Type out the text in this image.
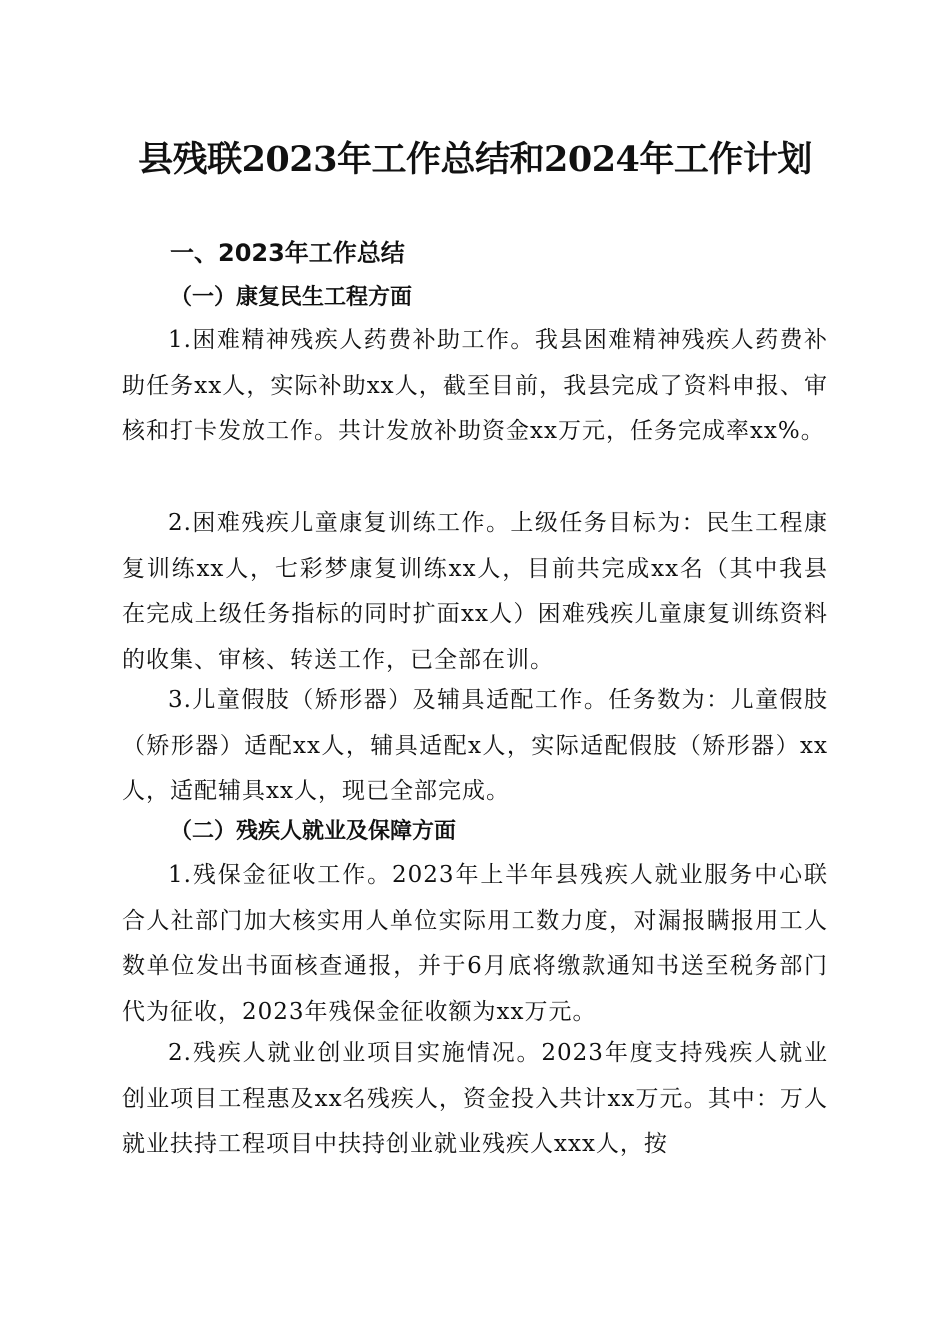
县残联2023年工作总结和2024年工作计划
一、2023年工作总结
（一）康复民生工程方面

1.困难精神残疾人药费补助工作。我县困难精神残疾人药费补助任务xx人，实际补助xx人，截至目前，我县完成了资料申报、审核和打卡发放工作。共计发放补助资金xx万元，任务完成率xx%。

2.困难残疾儿童康复训练工作。上级任务目标为：民生工程康复训练xx人，七彩梦康复训练xx人，目前共完成xx名（其中我县在完成上级任务指标的同时扩面xx人）困难残疾儿童康复训练资料的收集、审核、转送工作，已全部在训。

3.儿童假肢（矫形器）及辅具适配工作。任务数为：儿童假肢（矫形器）适配xx人，辅具适配x人，实际适配假肢（矫形器）xx人，适配辅具xx人，现已全部完成。

（二）残疾人就业及保障方面

1.残保金征收工作。2023年上半年县残疾人就业服务中心联合人社部门加大核实用人单位实际用工数力度，对漏报瞒报用工人数单位发出书面核查通报，并于6月底将缴款通知书送至税务部门代为征收，2023年残保金征收额为xx万元。

2.残疾人就业创业项目实施情况。2023年度支持残疾人就业创业项目工程惠及xx名残疾人，资金投入共计xx万元。其中：万人就业扶持工程项目中扶持创业就业残疾人xxx人，按
